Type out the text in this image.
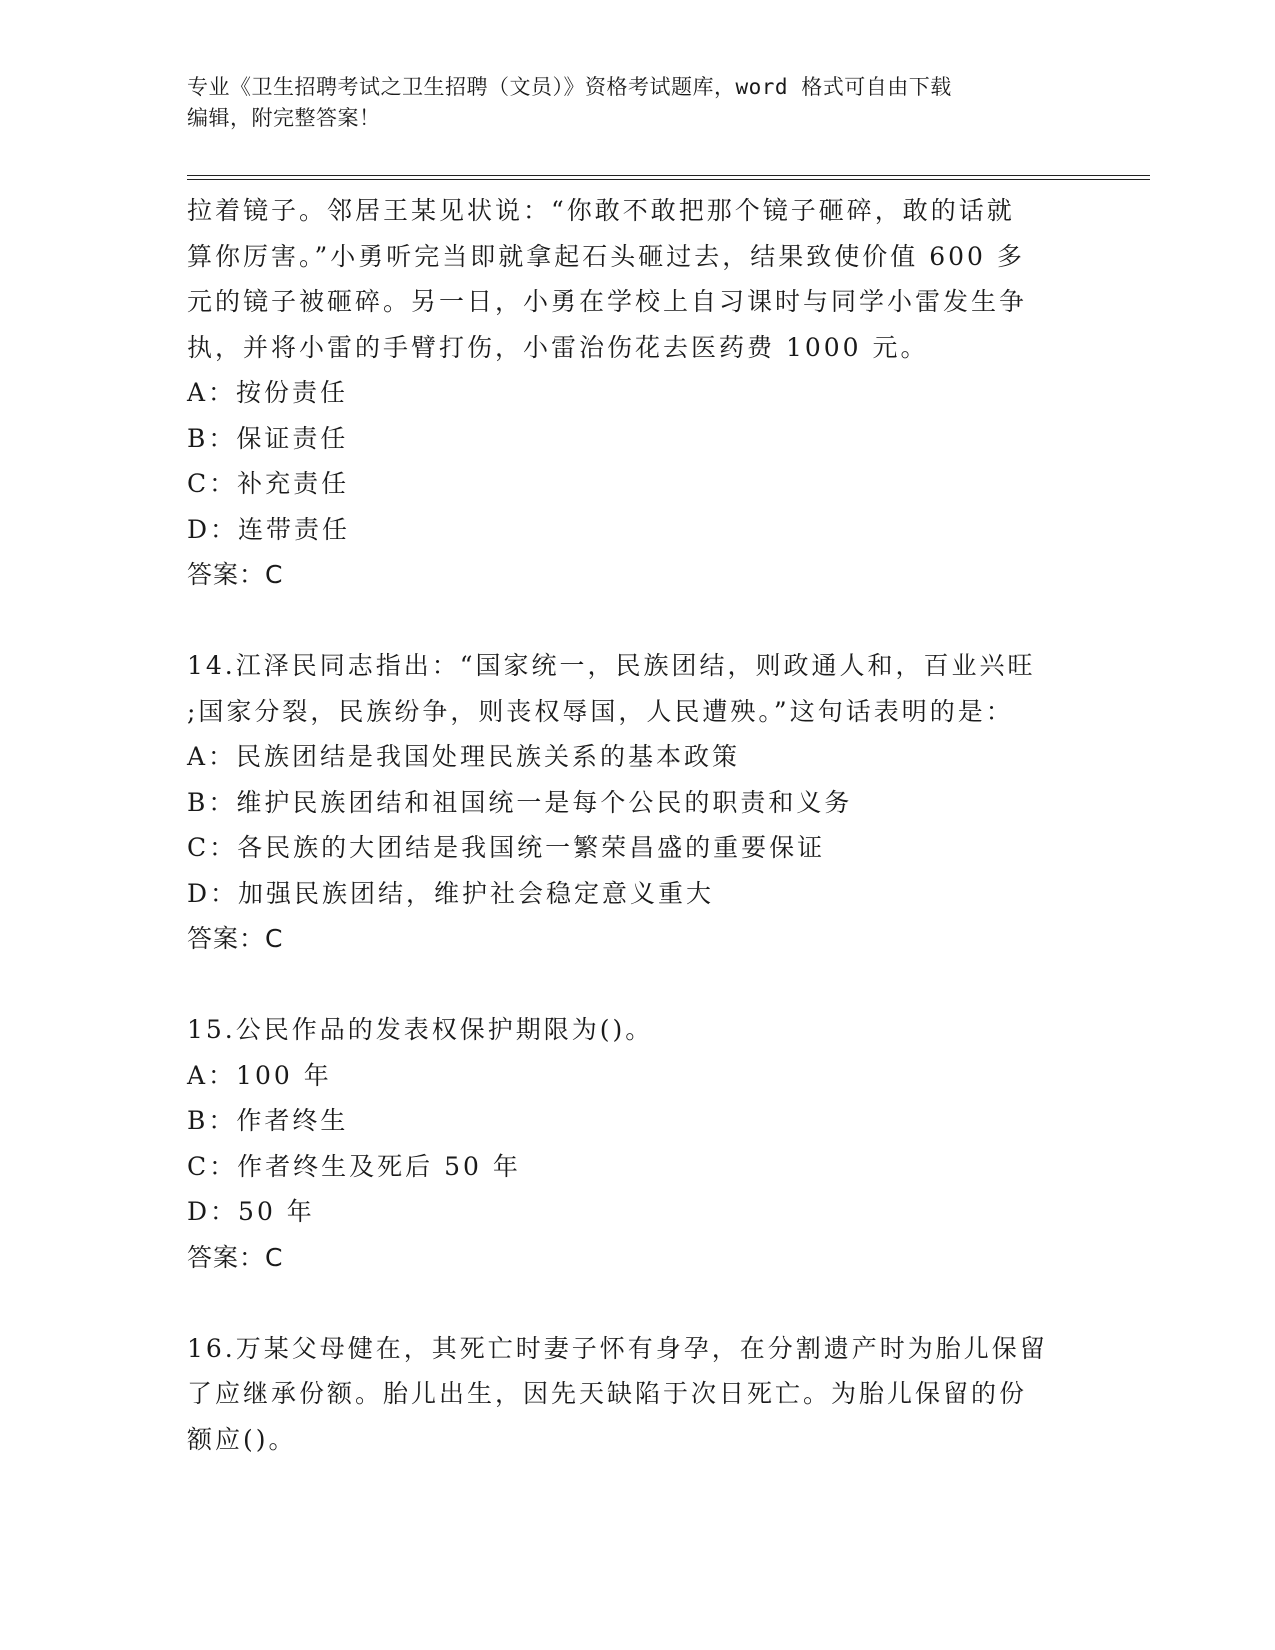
专业《卫生招聘考试之卫生招聘（文员）》资格考试题库，word 格式可自由下载
编辑，附完整答案！
拉着镜子。邻居王某见状说：“你敢不敢把那个镜子砸碎，敢的话就
算你厉害。”小勇听完当即就拿起石头砸过去，结果致使价值 600 多
元的镜子被砸碎。另一日，小勇在学校上自习课时与同学小雷发生争
执，并将小雷的手臂打伤，小雷治伤花去医药费 1000 元。
A：按份责任
B：保证责任
C：补充责任
D：连带责任
答案：C
14.江泽民同志指出：“国家统一，民族团结，则政通人和，百业兴旺
;国家分裂，民族纷争，则丧权辱国，人民遭殃。”这句话表明的是：
A：民族团结是我国处理民族关系的基本政策
B：维护民族团结和祖国统一是每个公民的职责和义务
C：各民族的大团结是我国统一繁荣昌盛的重要保证
D：加强民族团结，维护社会稳定意义重大
答案：C
15.公民作品的发表权保护期限为()。
A：100 年
B：作者终生
C：作者终生及死后 50 年
D：50 年
答案：C
16.万某父母健在，其死亡时妻子怀有身孕，在分割遗产时为胎儿保留
了应继承份额。胎儿出生，因先天缺陷于次日死亡。为胎儿保留的份
额应()。
